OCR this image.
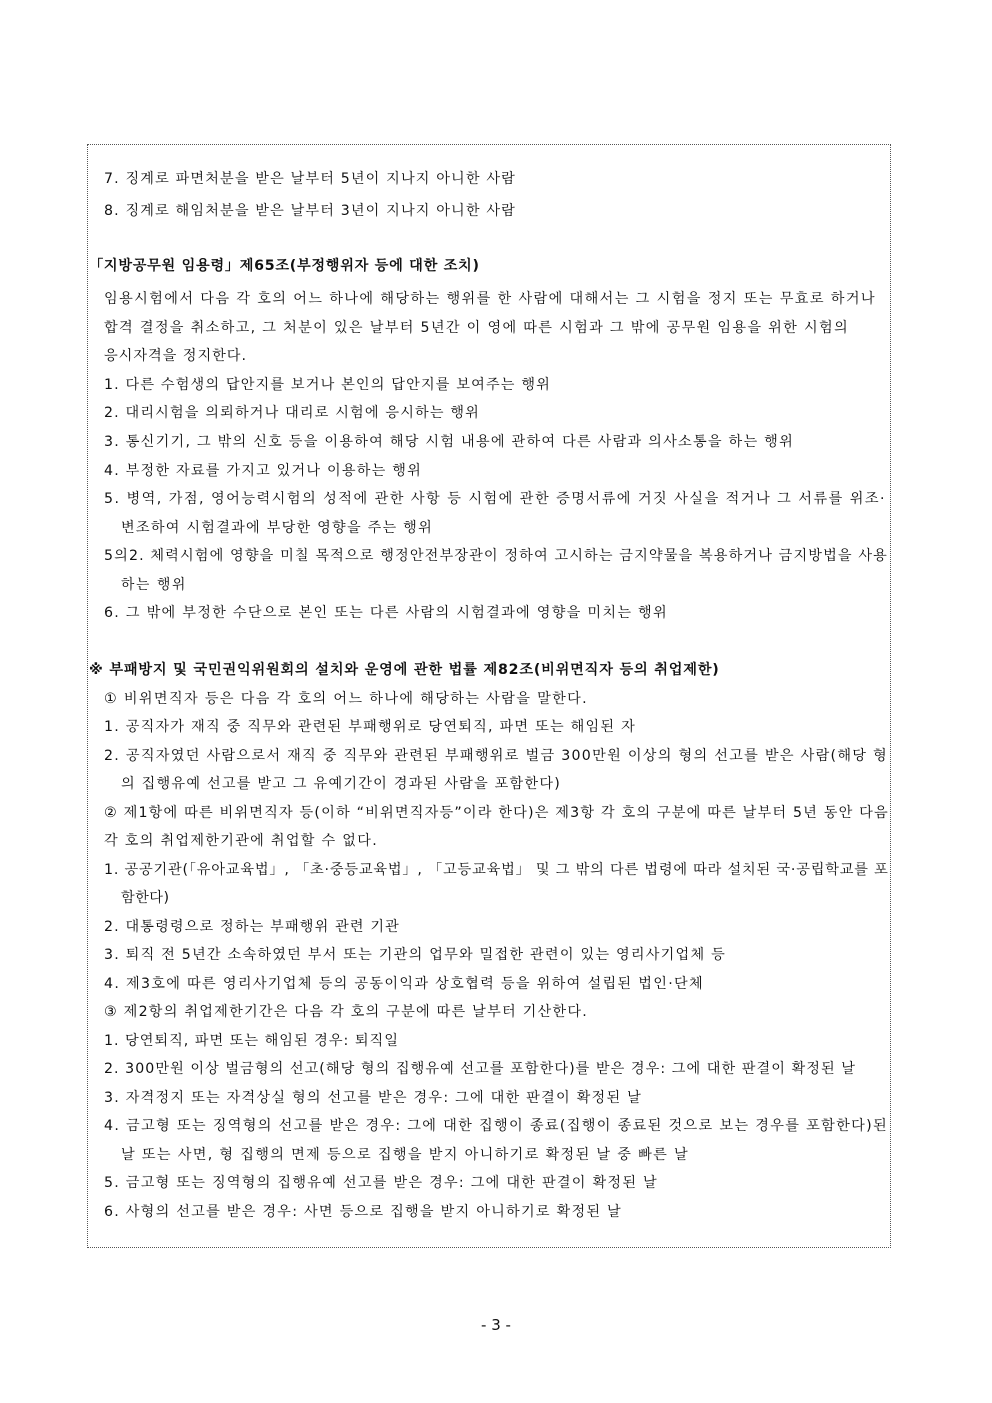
7. 징계로 파면처분을 받은 날부터 5년이 지나지 아니한 사람
8. 징계로 해임처분을 받은 날부터 3년이 지나지 아니한 사람
「지방공무원 임용령」제65조(부정행위자 등에 대한 조치)
임용시험에서 다음 각 호의 어느 하나에 해당하는 행위를 한 사람에 대해서는 그 시험을 정지 또는 무효로 하거나
합격 결정을 취소하고, 그 처분이 있은 날부터 5년간 이 영에 따른 시험과 그 밖에 공무원 임용을 위한 시험의
응시자격을 정지한다.
1. 다른 수험생의 답안지를 보거나 본인의 답안지를 보여주는 행위
2. 대리시험을 의뢰하거나 대리로 시험에 응시하는 행위
3. 통신기기, 그 밖의 신호 등을 이용하여 해당 시험 내용에 관하여 다른 사람과 의사소통을 하는 행위
4. 부정한 자료를 가지고 있거나 이용하는 행위
5. 병역, 가점, 영어능력시험의 성적에 관한 사항 등 시험에 관한 증명서류에 거짓 사실을 적거나 그 서류를 위조·
변조하여 시험결과에 부당한 영향을 주는 행위
5의2. 체력시험에 영향을 미칠 목적으로 행정안전부장관이 정하여 고시하는 금지약물을 복용하거나 금지방법을 사용
하는 행위
6. 그 밖에 부정한 수단으로 본인 또는 다른 사람의 시험결과에 영향을 미치는 행위
※ 부패방지 및 국민권익위원회의 설치와 운영에 관한 법률 제82조(비위면직자 등의 취업제한)
① 비위면직자 등은 다음 각 호의 어느 하나에 해당하는 사람을 말한다.
1. 공직자가 재직 중 직무와 관련된 부패행위로 당연퇴직, 파면 또는 해임된 자
2. 공직자였던 사람으로서 재직 중 직무와 관련된 부패행위로 벌금 300만원 이상의 형의 선고를 받은 사람(해당 형
의 집행유예 선고를 받고 그 유예기간이 경과된 사람을 포함한다)
② 제1항에 따른 비위면직자 등(이하 “비위면직자등”이라 한다)은 제3항 각 호의 구분에 따른 날부터 5년 동안 다음
각 호의 취업제한기관에 취업할 수 없다.
1. 공공기관(「유아교육법」, 「초·중등교육법」, 「고등교육법」 및 그 밖의 다른 법령에 따라 설치된 국·공립학교를 포
함한다)
2. 대통령령으로 정하는 부패행위 관련 기관
3. 퇴직 전 5년간 소속하였던 부서 또는 기관의 업무와 밀접한 관련이 있는 영리사기업체 등
4. 제3호에 따른 영리사기업체 등의 공동이익과 상호협력 등을 위하여 설립된 법인·단체
③ 제2항의 취업제한기간은 다음 각 호의 구분에 따른 날부터 기산한다.
1. 당연퇴직, 파면 또는 해임된 경우: 퇴직일
2. 300만원 이상 벌금형의 선고(해당 형의 집행유예 선고를 포함한다)를 받은 경우: 그에 대한 판결이 확정된 날
3. 자격정지 또는 자격상실 형의 선고를 받은 경우: 그에 대한 판결이 확정된 날
4. 금고형 또는 징역형의 선고를 받은 경우: 그에 대한 집행이 종료(집행이 종료된 것으로 보는 경우를 포함한다)된
날 또는 사면, 형 집행의 면제 등으로 집행을 받지 아니하기로 확정된 날 중 빠른 날
5. 금고형 또는 징역형의 집행유예 선고를 받은 경우: 그에 대한 판결이 확정된 날
6. 사형의 선고를 받은 경우: 사면 등으로 집행을 받지 아니하기로 확정된 날
- 3 -
